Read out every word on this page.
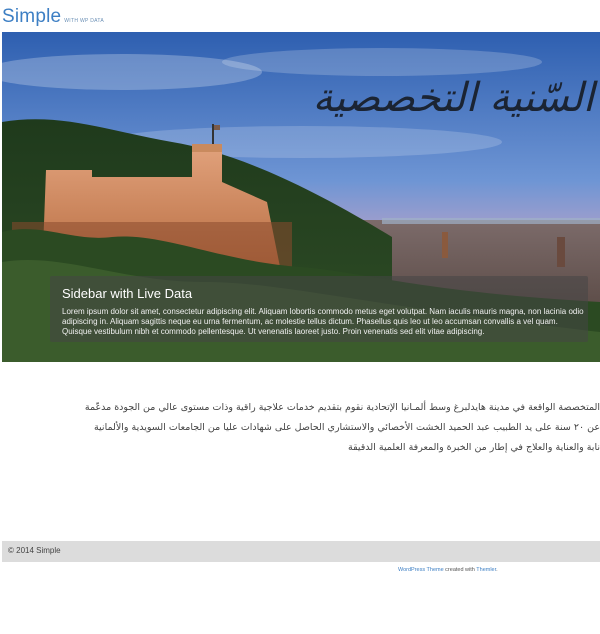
Simple WITH WP DATA
السّنية التخصصية
Sidebar with Live Data
Lorem ipsum dolor sit amet, consectetur adipiscing elit. Aliquam lobortis commodo metus eget volutpat. Nam iaculis mauris magna, non lacinia odio adipiscing in. Aliquam sagittis neque eu urna fermentum, ac molestie tellus dictum. Phasellus quis leo ut leo accumsan convallis a vel quam. Quisque vestibulum nibh et commodo pellentesque. Ut venenatis laoreet justo. Proin venenatis sed elit vitae adipiscing.
المتخصصة الواقعة في مدينة هايدلبرغ وسط ألمـانيا الإتحادية نقوم بتقديم خدمات علاجية راقية وذات مستوى عالي من الجودة مدعّمة
عن ٢٠ سنة على يد الطبيب عبد الحميد الخشت الأخصائي والاستشاري الحاصل على شهادات عليا من الجامعات السويدية والألمانية
نابة والعناية والعلاج في إطار من الخبرة والمعرفة العلمية الدقيقة
© 2014 Simple
WordPress Theme created with Themler.
